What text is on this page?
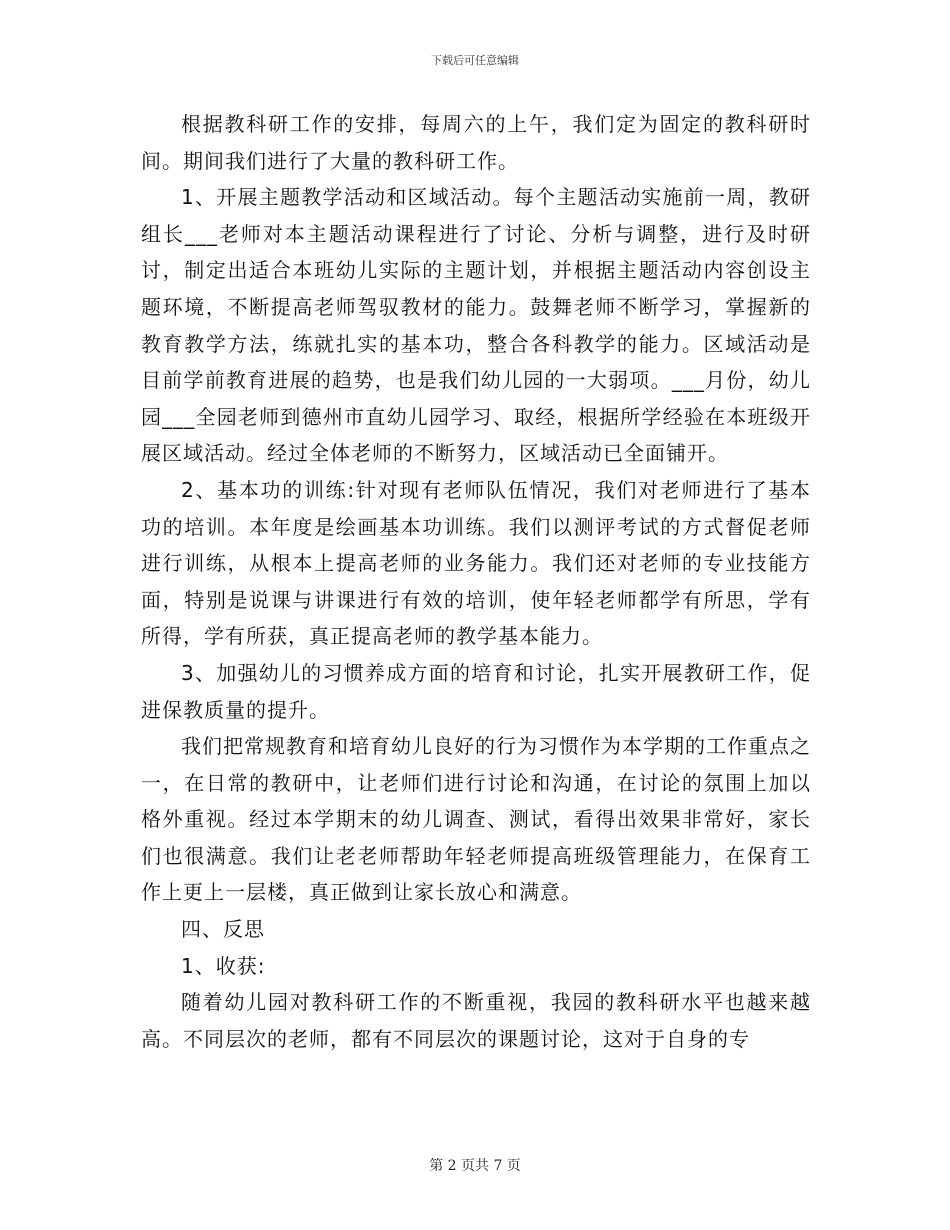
下载后可任意编辑

根据教科研工作的安排，每周六的上午，我们定为固定的教科研时间。期间我们进行了大量的教科研工作。

1、开展主题教学活动和区域活动。每个主题活动实施前一周，教研组长___老师对本主题活动课程进行了讨论、分析与调整，进行及时研讨，制定出适合本班幼儿实际的主题计划，并根据主题活动内容创设主题环境，不断提高老师驾驭教材的能力。鼓舞老师不断学习，掌握新的教育教学方法，练就扎实的基本功，整合各科教学的能力。区域活动是目前学前教育进展的趋势，也是我们幼儿园的一大弱项。___月份，幼儿园___全园老师到德州市直幼儿园学习、取经，根据所学经验在本班级开展区域活动。经过全体老师的不断努力，区域活动已全面铺开。

2、基本功的训练:针对现有老师队伍情况，我们对老师进行了基本功的培训。本年度是绘画基本功训练。我们以测评考试的方式督促老师进行训练，从根本上提高老师的业务能力。我们还对老师的专业技能方面，特别是说课与讲课进行有效的培训，使年轻老师都学有所思，学有所得，学有所获，真正提高老师的教学基本能力。

3、加强幼儿的习惯养成方面的培育和讨论，扎实开展教研工作，促进保教质量的提升。

我们把常规教育和培育幼儿良好的行为习惯作为本学期的工作重点之一，在日常的教研中，让老师们进行讨论和沟通，在讨论的氛围上加以格外重视。经过本学期末的幼儿调查、测试，看得出效果非常好，家长们也很满意。我们让老老师帮助年轻老师提高班级管理能力，在保育工作上更上一层楼，真正做到让家长放心和满意。

四、反思

1、收获:

随着幼儿园对教科研工作的不断重视，我园的教科研水平也越来越高。不同层次的老师，都有不同层次的课题讨论，这对于自身的专

第 2 页共 7 页
